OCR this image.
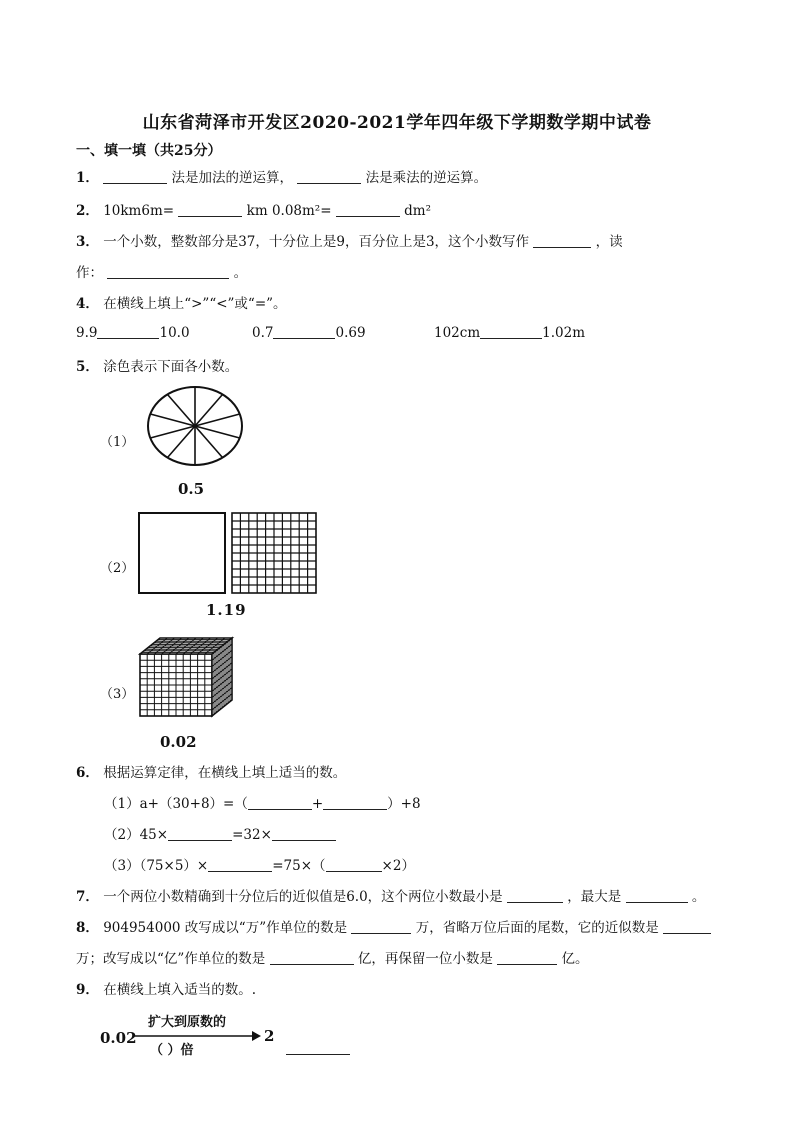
山东省菏泽市开发区2020-2021学年四年级下学期数学期中试卷
一、填一填（共25分）
1．	法是加法的逆运算，	法是乘法的逆运算。
2． 10km6m=	km 0.08m²=	dm²
3． 一个小数，整数部分是37，十分位上是9，百分位上是3，这个小数写作	，读
作：	。
4． 在横线上填上“>”“<”或“=”。
9.9	10.0	0.7	0.69	102cm	1.02m
5． 涂色表示下面各小数。
（1）
0.5
（2）
1.19
（3）
0.02
6． 根据运算定律，在横线上填上适当的数。
（1）a+（30+8）=（	+	）+8
（2）45×	=32×
（3）（75×5）×	=75×（	×2）
7． 一个两位小数精确到十分位后的近似值是6.0，这个两位小数最小是	，最大是	。
8． 904954000 改写成以“万”作单位的数是	万，省略万位后面的尾数，它的近似数是
万；改写成以“亿”作单位的数是	亿，再保留一位小数是	亿。
9． 在横线上填入适当的数。.
0.02
扩大到原数的
（ ）倍
2
